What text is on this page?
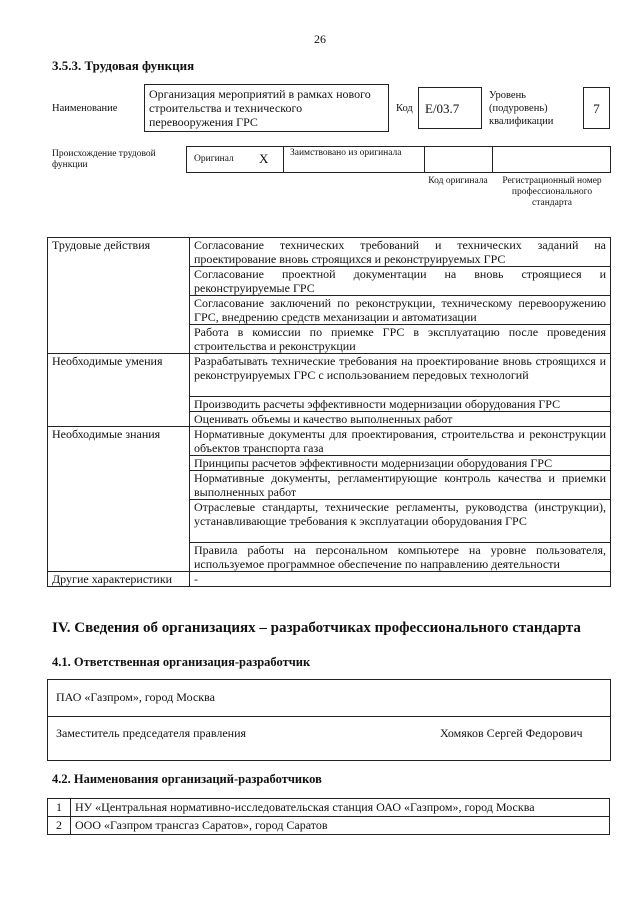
26
3.5.3. Трудовая функция
Наименование
Организация мероприятий в рамках нового строительства и технического перевооружения ГРС
Код E/03.7
Уровень (подуровень) квалификации
7
Происхождение трудовой функции
Оригинал X Заимствовано из оригинала
Код оригинала Регистрационный номер профессионального стандарта
Трудовые действия	Согласование технических требований и технических заданий на проектирование вновь строящихся и реконструируемых ГРС
	Согласование проектной документации на вновь строящиеся и реконструируемые ГРС
	Согласование заключений по реконструкции, техническому перевооружению ГРС, внедрению средств механизации и автоматизации
	Работа в комиссии по приемке ГРС в эксплуатацию после проведения строительства и реконструкции
Необходимые умения	Разрабатывать технические требования на проектирование вновь строящихся и реконструируемых ГРС с использованием передовых технологий
	Производить расчеты эффективности модернизации оборудования ГРС
	Оценивать объемы и качество выполненных работ
Необходимые знания	Нормативные документы для проектирования, строительства и реконструкции объектов транспорта газа
	Принципы расчетов эффективности модернизации оборудования ГРС
	Нормативные документы, регламентирующие контроль качества и приемки выполненных работ
	Отраслевые стандарты, технические регламенты, руководства (инструкции), устанавливающие требования к эксплуатации оборудования ГРС
	Правила работы на персональном компьютере на уровне пользователя, используемое программное обеспечение по направлению деятельности
Другие характеристики	-
IV. Сведения об организациях – разработчиках профессионального стандарта
4.1. Ответственная организация-разработчик
ПАО «Газпром», город Москва
Заместитель председателя правления	Хомяков Сергей Федорович
4.2. Наименования организаций-разработчиков
1	НУ «Центральная нормативно-исследовательская станция ОАО «Газпром», город Москва
2	ООО «Газпром трансгаз Саратов», город Саратов
